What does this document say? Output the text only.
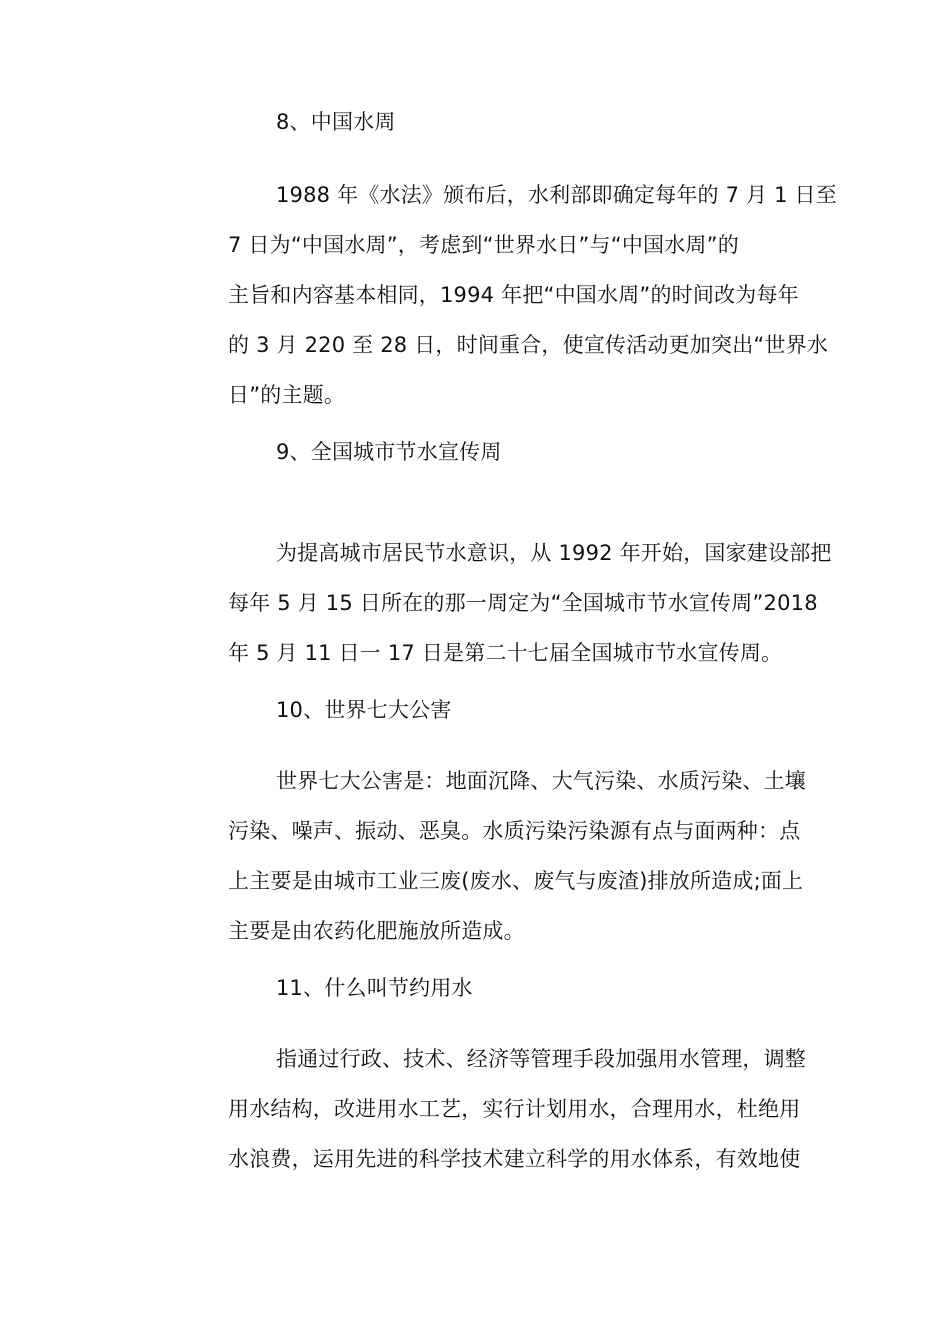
8、中国水周
1988 年《水法》颁布后，水利部即确定每年的 7 月 1 日至
7 日为“中国水周”，考虑到“世界水日”与“中国水周”的
主旨和内容基本相同，1994 年把“中国水周”的时间改为每年
的 3 月 220 至 28 日，时间重合，使宣传活动更加突出“世界水
日”的主题。
9、全国城市节水宣传周
为提高城市居民节水意识，从 1992 年开始，国家建设部把
每年 5 月 15 日所在的那一周定为“全国城市节水宣传周”2018
年 5 月 11 日一 17 日是第二十七届全国城市节水宣传周。
10、世界七大公害
世界七大公害是：地面沉降、大气污染、水质污染、土壤
污染、噪声、振动、恶臭。水质污染污染源有点与面两种：点
上主要是由城市工业三废(废水、废气与废渣)排放所造成;面上
主要是由农药化肥施放所造成。
11、什么叫节约用水
指通过行政、技术、经济等管理手段加强用水管理，调整
用水结构，改进用水工艺，实行计划用水，合理用水，杜绝用
水浪费，运用先进的科学技术建立科学的用水体系，有效地使
